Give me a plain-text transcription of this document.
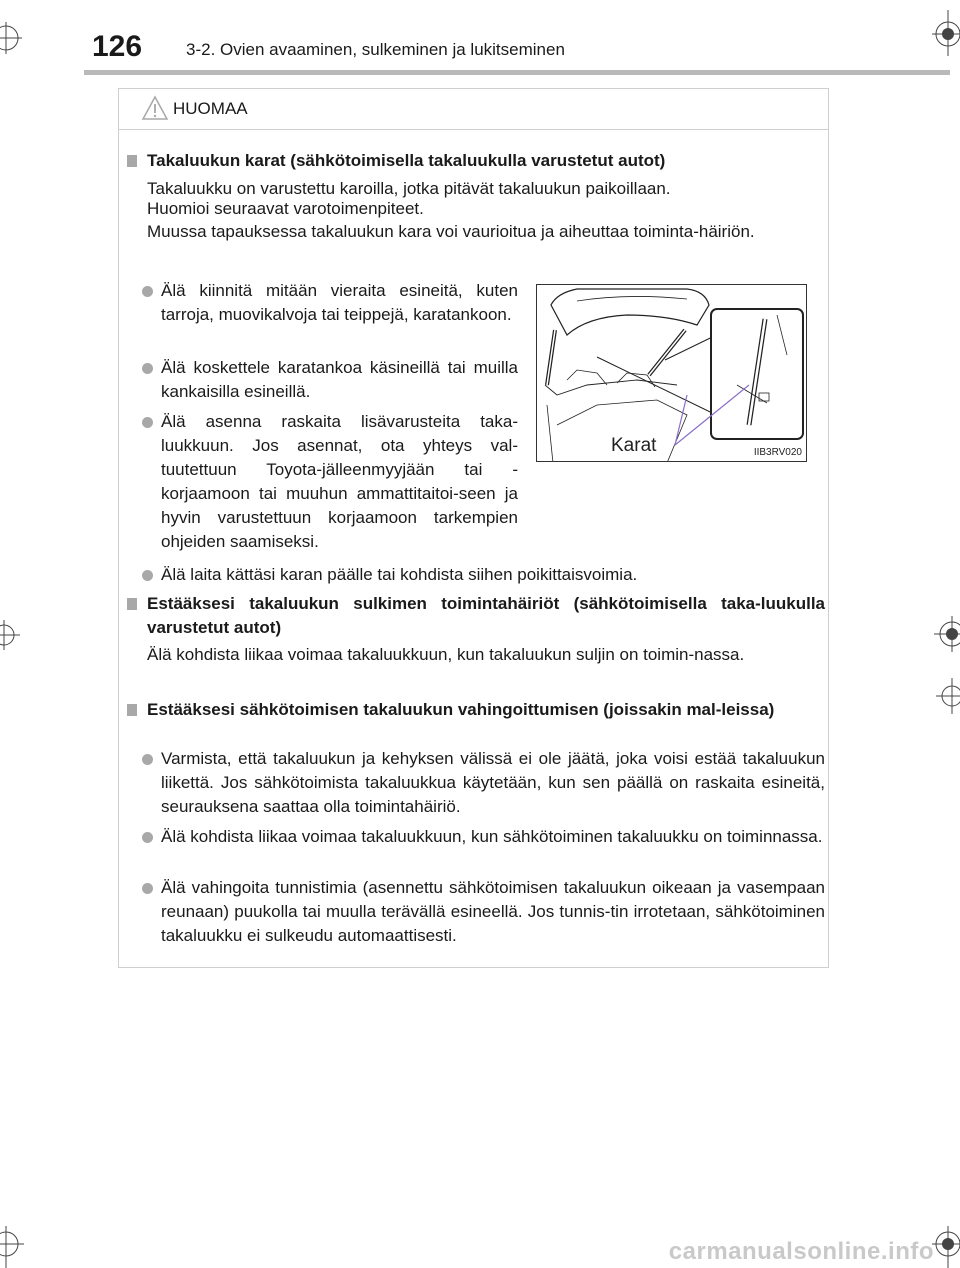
126	3-2. Ovien avaaminen, sulkeminen ja lukitseminen
HUOMAA
Takaluukun karat (sähkötoimisella takaluukulla varustetut autot)
Takaluukku on varustettu karoilla, jotka pitävät takaluukun paikoillaan.
Huomioi seuraavat varotoimenpiteet.
Muussa tapauksessa takaluukun kara voi vaurioitua ja aiheuttaa toiminta-häiriön.
Älä kiinnitä mitään vieraita esineitä, kuten tarroja, muovikalvoja tai teippejä, karatankoon.
Älä koskettele karatankoa käsineillä tai muilla kankaisilla esineillä.
Älä asenna raskaita lisävarusteita taka-luukkuun. Jos asennat, ota yhteys val-tuutettuun Toyota-jälleenmyyjään tai -korjaamoon tai muuhun ammattitaitoi-seen ja hyvin varustettuun korjaamoon tarkempien ohjeiden saamiseksi.
Karat	IIB3RV020
Älä laita kättäsi karan päälle tai kohdista siihen poikittaisvoimia.
Estääksesi takaluukun sulkimen toimintahäiriöt (sähkötoimisella taka-luukulla varustetut autot)
Älä kohdista liikaa voimaa takaluukkuun, kun takaluukun suljin on toimin-nassa.
Estääksesi sähkötoimisen takaluukun vahingoittumisen (joissakin mal-leissa)
Varmista, että takaluukun ja kehyksen välissä ei ole jäätä, joka voisi estää takaluukun liikettä. Jos sähkötoimista takaluukkua käytetään, kun sen päällä on raskaita esineitä, seurauksena saattaa olla toimintahäiriö.
Älä kohdista liikaa voimaa takaluukkuun, kun sähkötoiminen takaluukku on toiminnassa.
Älä vahingoita tunnistimia (asennettu sähkötoimisen takaluukun oikeaan ja vasempaan reunaan) puukolla tai muulla terävällä esineellä. Jos tunnis-tin irrotetaan, sähkötoiminen takaluukku ei sulkeudu automaattisesti.
carmanualsonline.info
